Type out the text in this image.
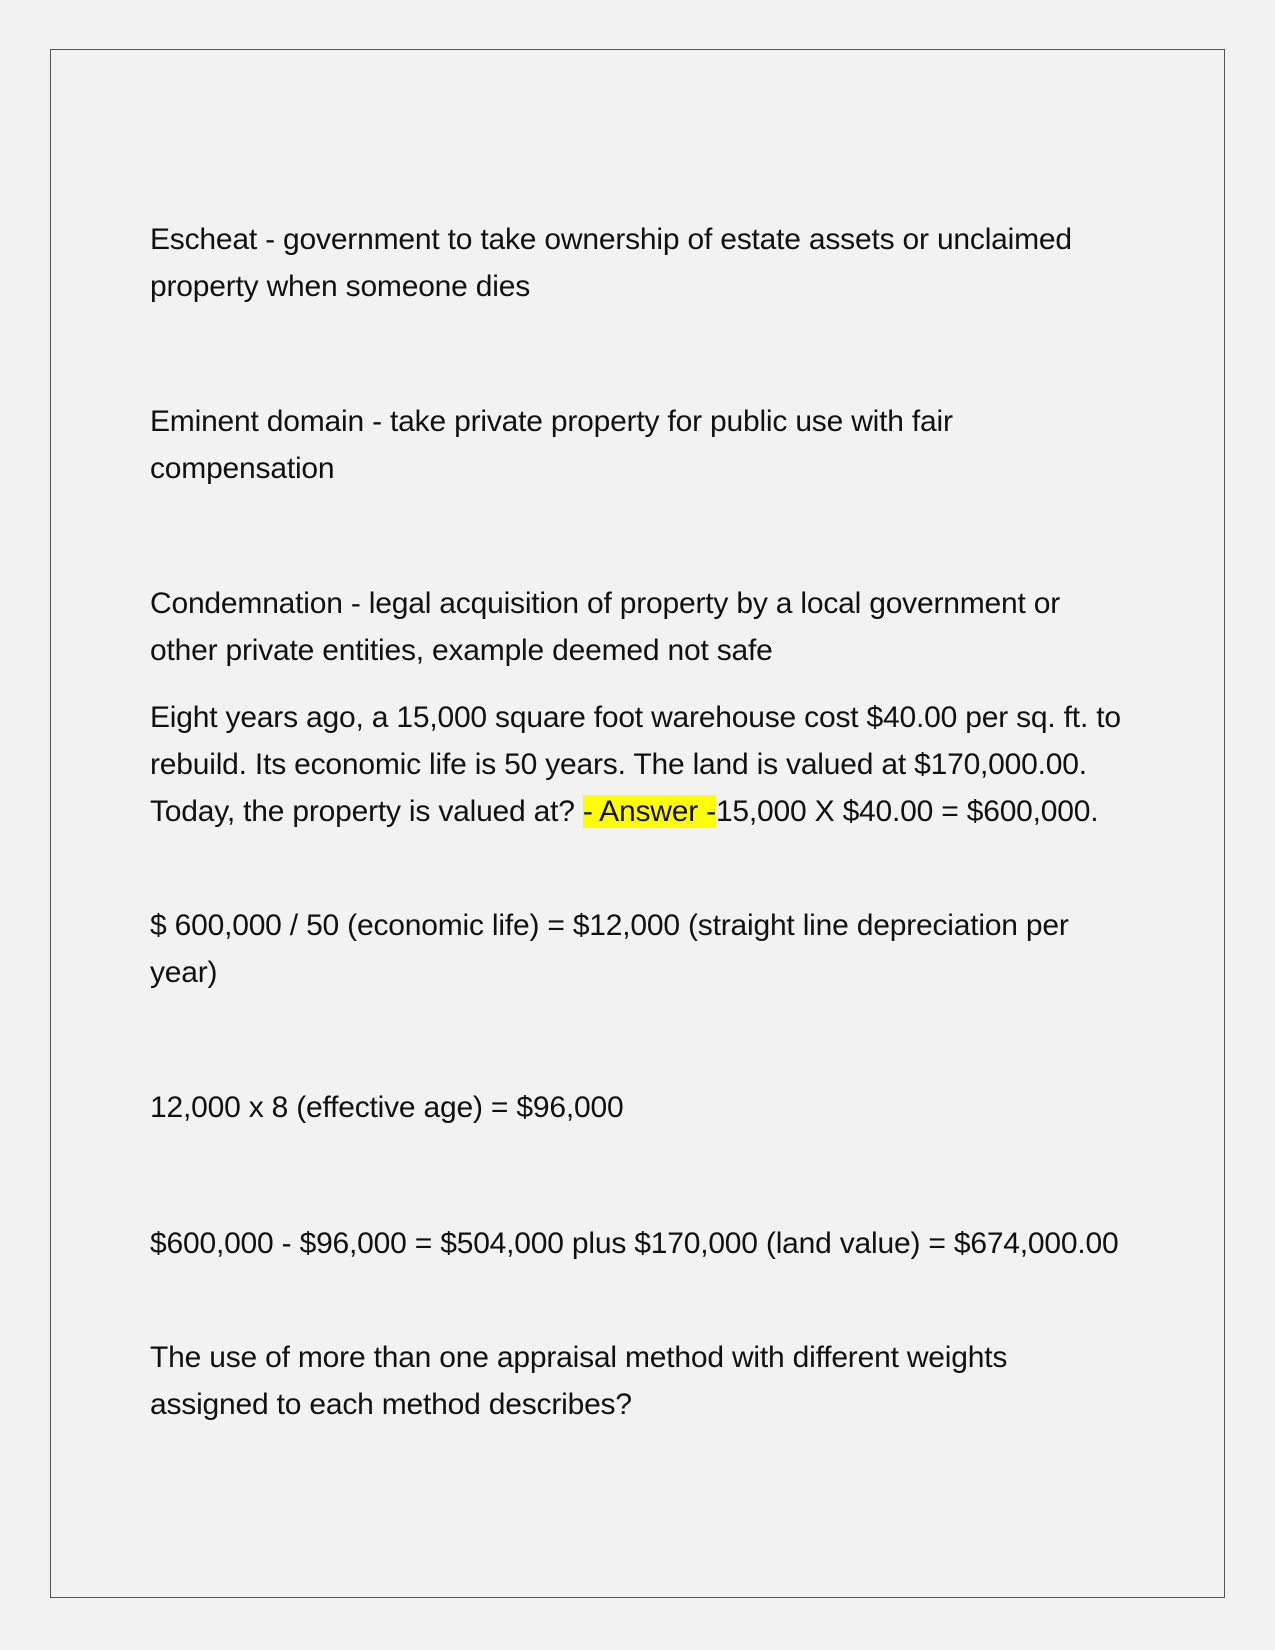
Escheat - government to take ownership of estate assets or unclaimed property when someone dies

Eminent domain - take private property for public use with fair compensation

Condemnation - legal acquisition of property by a local government or other private entities, example deemed not safe

Eight years ago, a 15,000 square foot warehouse cost $40.00 per sq. ft. to rebuild. Its economic life is 50 years. The land is valued at $170,000.00. Today, the property is valued at? - Answer -15,000 X $40.00 = $600,000.

$ 600,000 / 50 (economic life) = $12,000 (straight line depreciation per year)

12,000 x 8 (effective age) = $96,000

$600,000 - $96,000 = $504,000 plus $170,000 (land value) = $674,000.00

The use of more than one appraisal method with different weights assigned to each method describes?
